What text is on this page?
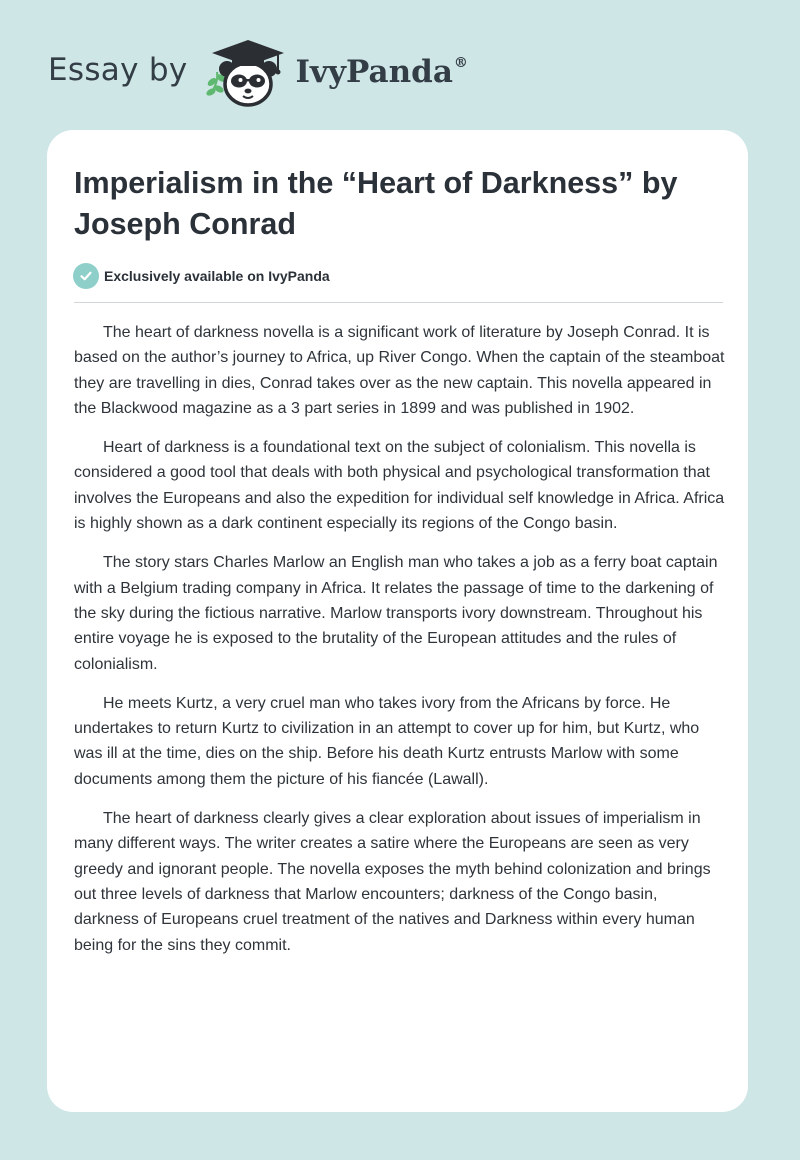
Essay by	IvyPanda®
Imperialism in the “Heart of Darkness” by Joseph Conrad
Exclusively available on IvyPanda

The heart of darkness novella is a significant work of literature by Joseph Conrad. It is based on the author’s journey to Africa, up River Congo. When the captain of the steamboat they are travelling in dies, Conrad takes over as the new captain. This novella appeared in the Blackwood magazine as a 3 part series in 1899 and was published in 1902.

Heart of darkness is a foundational text on the subject of colonialism. This novella is considered a good tool that deals with both physical and psychological transformation that involves the Europeans and also the expedition for individual self knowledge in Africa. Africa is highly shown as a dark continent especially its regions of the Congo basin.

The story stars Charles Marlow an English man who takes a job as a ferry boat captain with a Belgium trading company in Africa. It relates the passage of time to the darkening of the sky during the fictious narrative. Marlow transports ivory downstream. Throughout his entire voyage he is exposed to the brutality of the European attitudes and the rules of colonialism.

He meets Kurtz, a very cruel man who takes ivory from the Africans by force. He undertakes to return Kurtz to civilization in an attempt to cover up for him, but Kurtz, who was ill at the time, dies on the ship. Before his death Kurtz entrusts Marlow with some documents among them the picture of his fiancée (Lawall).

The heart of darkness clearly gives a clear exploration about issues of imperialism in many different ways. The writer creates a satire where the Europeans are seen as very greedy and ignorant people. The novella exposes the myth behind colonization and brings out three levels of darkness that Marlow encounters; darkness of the Congo basin, darkness of Europeans cruel treatment of the natives and Darkness within every human being for the sins they commit.
